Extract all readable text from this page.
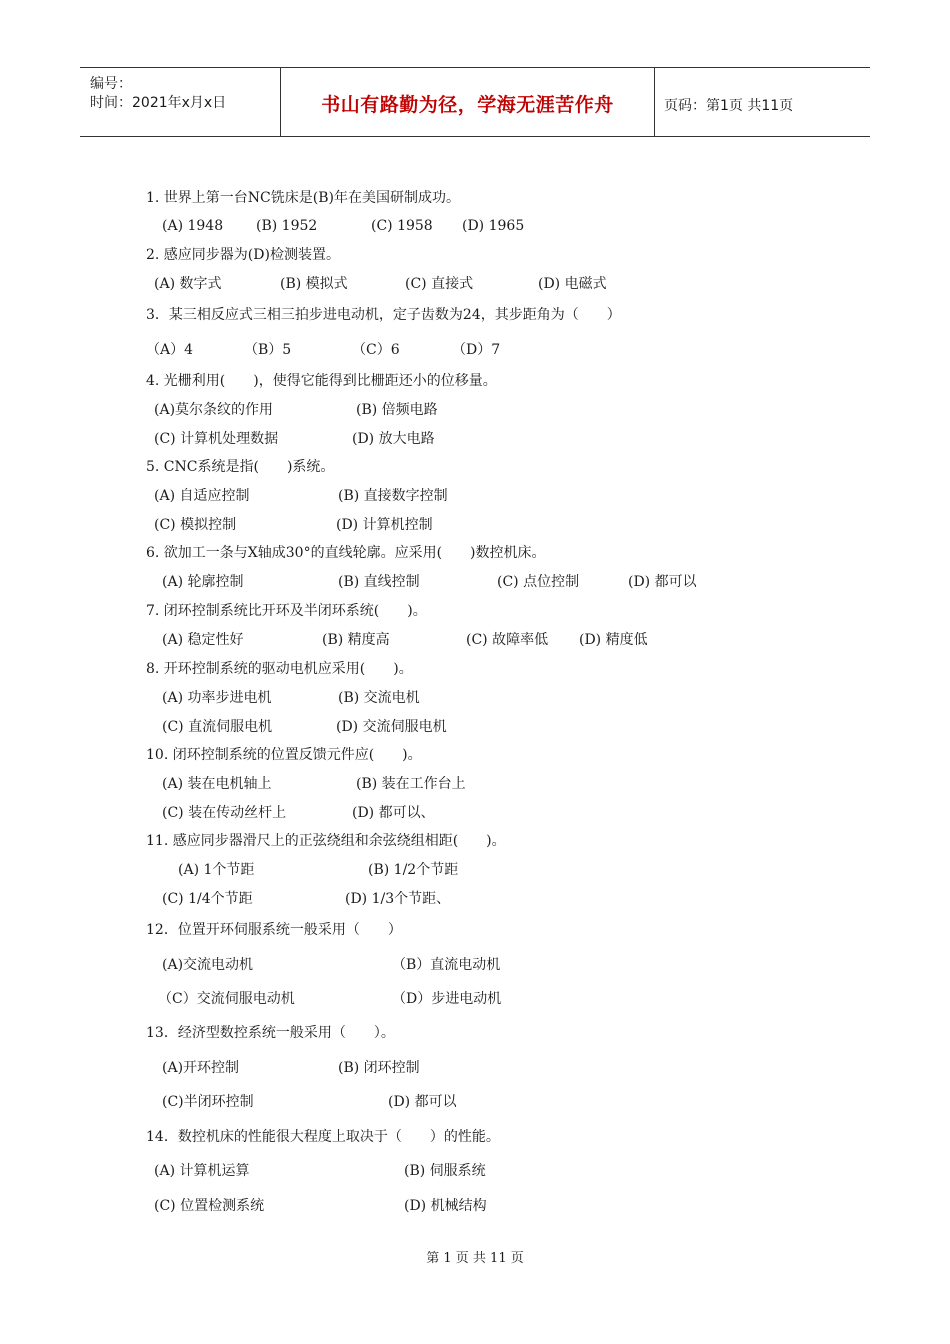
编号：
时间：2021年x月x日	书山有路勤为径，学海无涯苦作舟	页码：第1页 共11页
1. 世界上第一台NC铣床是(B)年在美国研制成功。
(A) 1948 (B) 1952	(C) 1958 (D) 1965
2. 感应同步器为(D)检测装置。
(A) 数字式	(B) 模拟式	(C) 直接式	(D) 电磁式
3．某三相反应式三相三拍步进电动机，定子齿数为24，其步距角为（　　）
（A）4	（B）5	（C）6	（D）7
4. 光栅利用(　　)，使得它能得到比栅距还小的位移量。
(A)莫尔条纹的作用	(B) 倍频电路
(C) 计算机处理数据	(D) 放大电路
5. CNC系统是指(　　)系统。
(A) 自适应控制	(B) 直接数字控制
(C) 模拟控制	(D) 计算机控制
6. 欲加工一条与X轴成30°的直线轮廓。应采用(　　)数控机床。
(A) 轮廓控制	(B) 直线控制	(C) 点位控制	(D) 都可以
7. 闭环控制系统比开环及半闭环系统(　　)。
(A) 稳定性好	(B) 精度高	(C) 故障率低 (D) 精度低
8. 开环控制系统的驱动电机应采用(　　)。
(A) 功率步进电机	(B) 交流电机
(C) 直流伺服电机	(D) 交流伺服电机
10. 闭环控制系统的位置反馈元件应(　　)。
(A) 装在电机轴上	(B) 装在工作台上
(C) 装在传动丝杆上	(D) 都可以、
11. 感应同步器滑尺上的正弦绕组和余弦绕组相距(　　)。
(A) 1个节距	(B) 1/2个节距
(C) 1/4个节距	(D) 1/3个节距、
12．位置开环伺服系统一般采用（　　）
(A)交流电动机	（B）直流电动机
（C）交流伺服电动机	（D）步进电动机
13．经济型数控系统一般采用（　　）。
(A)开环控制	(B) 闭环控制
(C)半闭环控制	(D) 都可以
14．数控机床的性能很大程度上取决于（　　）的性能。
(A) 计算机运算	(B) 伺服系统
(C) 位置检测系统	(D) 机械结构
第 1 页 共 11 页
